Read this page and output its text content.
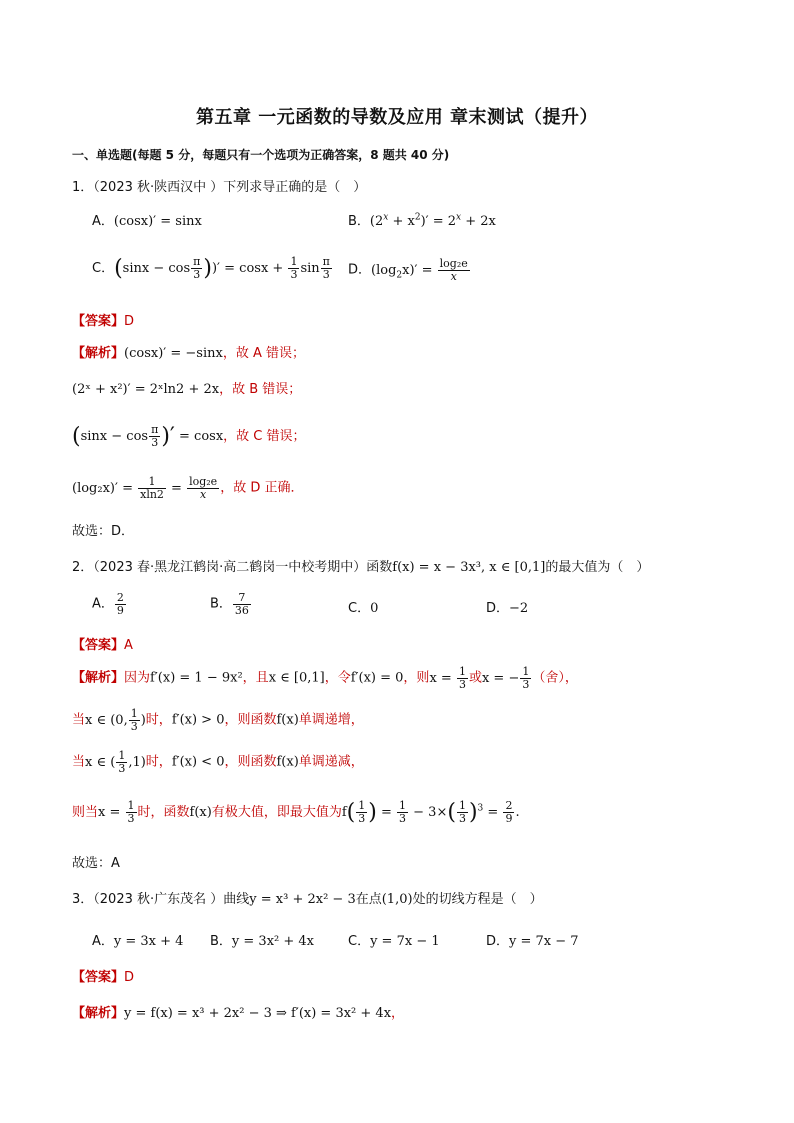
第五章 一元函数的导数及应用 章末测试（提升）
一、单选题(每题 5 分，每题只有一个选项为正确答案，8 题共 40 分)
1．（2023 秋·陕西汉中 ）下列求导正确的是（　）
A．(cosx)′ = sinx	B．$(2^x + x^2)' = 2^x + 2x$
C．($\sin x - \cos \frac{\pi}{3}$ ))′ = $\cos x + \frac{1}{3}$ $\sin \frac{\pi}{3}$ D．$(\log_2x)' = \frac{\text{log₂e}}{x}$
【答案】D
【解析】(cosx)′ = −sinx，故 A 错误；
(2ˣ + x²)′ = 2ˣln2 + 2x，故 B 错误；
($\sin x - \cos \frac{\pi}{3}$ )′ = cosx，故 C 错误；
$(\log_2x)' = \frac{1}{xln2} = \frac{\text{log₂e}}{x}$ ，故 D 正确．
故选：D．
2．（2023 春·黑龙江鹤岗·高二鹤岗一中校考期中）函数f(x) = x − 3x³, x ∈ [0,1]的最大值为（　）
A． $\frac{2}{9}$	B． $\frac{7}{36}$	C．0	D．−2
【答案】A
【解析】因为f′(x) = 1 − 9x²，且x ∈ [0,1]，令f′(x) = 0，则$x = \frac{1}{3}$ 或x = − $\frac{1}{3}$ （舍），
当x ∈ (0, $\frac{1}{3}$ )时，f′(x) > 0，则函数f(x)单调递增，
当x ∈ ( $\frac{1}{3} ,1$)时，f′(x) < 0，则函数f(x)单调递减，
则当$x = \frac{1}{3}$ 时，函数f(x)有极大值，即最大值为$f( \frac{1}{3}$ ) = $\frac{1}{3} - 3\times( \frac{1}{3} )^3 = \frac{2}{9}$ .
故选：A
3．（2023 秋·广东茂名 ）曲线y = x³ + 2x² − 3在点(1,0)处的切线方程是（　）
A．y = 3x + 4 B．y = 3x² + 4x	C．y = 7x − 1	D．y = 7x − 7
【答案】D
【解析】y = f(x) = x³ + 2x² − 3 ⇒ f′(x) = 3x² + 4x，
